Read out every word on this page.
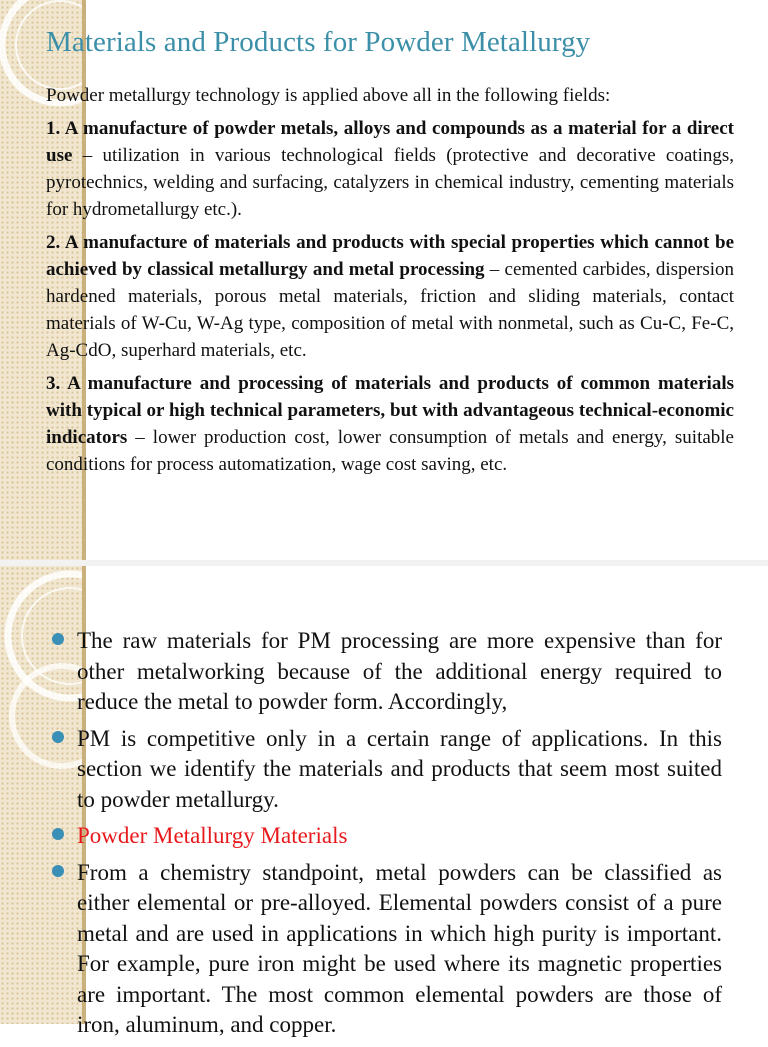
Materials and Products for Powder Metallurgy

Powder metallurgy technology is applied above all in the following fields:

1. A manufacture of powder metals, alloys and compounds as a material for a direct use – utilization in various technological fields (protective and decorative coatings, pyrotechnics, welding and surfacing, catalyzers in chemical industry, cementing materials for hydrometallurgy etc.).

2. A manufacture of materials and products with special properties which cannot be achieved by classical metallurgy and metal processing – cemented carbides, dispersion hardened materials, porous metal materials, friction and sliding materials, contact materials of W-Cu, W-Ag type, composition of metal with nonmetal, such as Cu-C, Fe-C, Ag-CdO, superhard materials, etc.

3. A manufacture and processing of materials and products of common materials with typical or high technical parameters, but with advantageous technical-economic indicators – lower production cost, lower consumption of metals and energy, suitable conditions for process automatization, wage cost saving, etc.

The raw materials for PM processing are more expensive than for other metalworking because of the additional energy required to reduce the metal to powder form. Accordingly,
PM is competitive only in a certain range of applications. In this section we identify the materials and products that seem most suited to powder metallurgy.
Powder Metallurgy Materials
From a chemistry standpoint, metal powders can be classified as either elemental or pre-alloyed. Elemental powders consist of a pure metal and are used in applications in which high purity is important. For example, pure iron might be used where its magnetic properties are important. The most common elemental powders are those of iron, aluminum, and copper.
